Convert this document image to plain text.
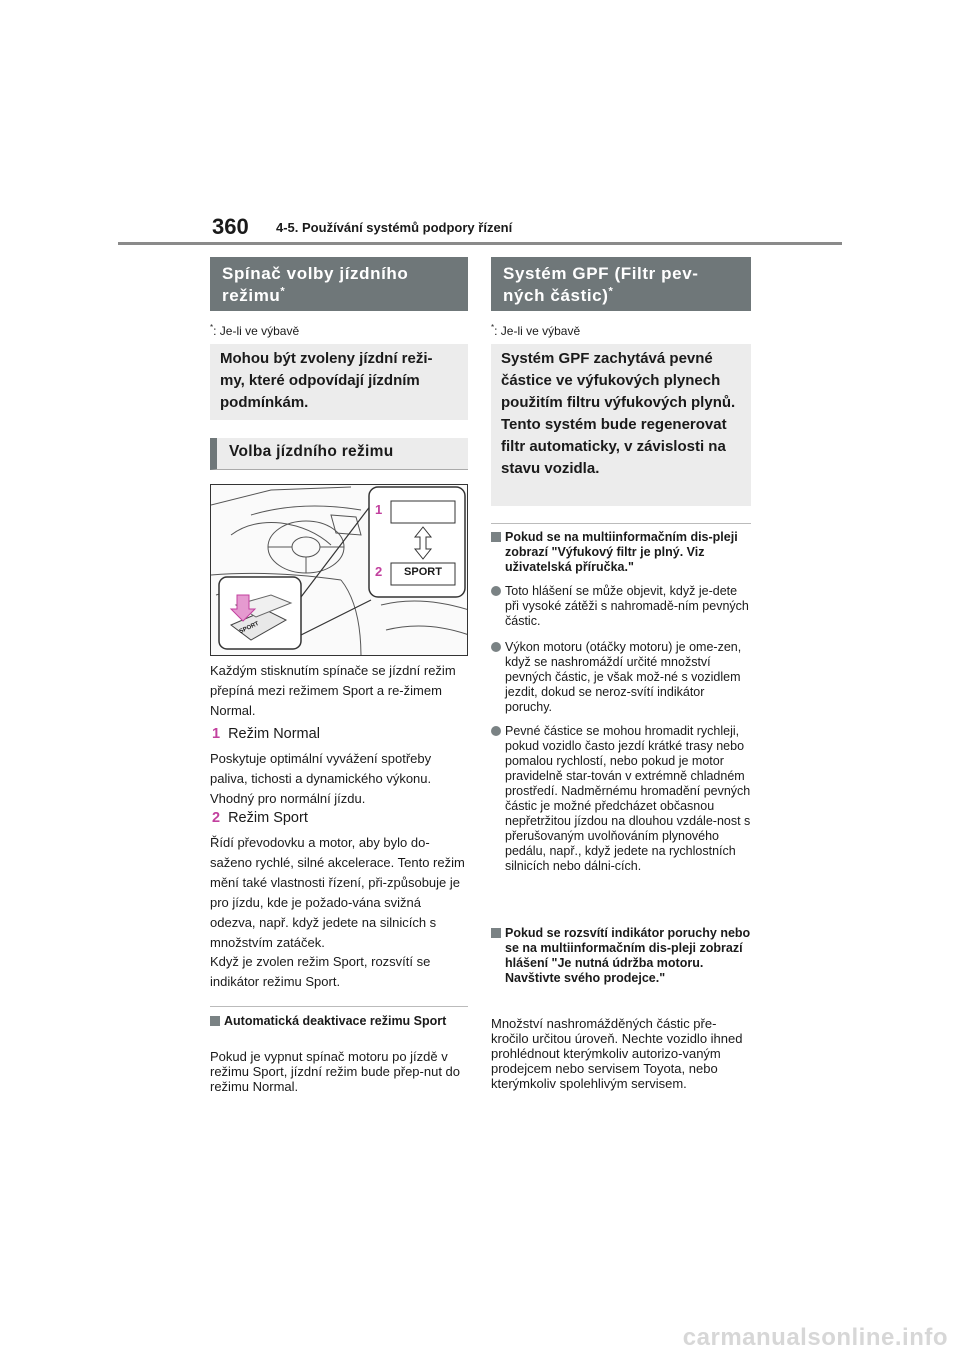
360 4-5. Používání systémů podpory řízení
Spínač volby jízdního
režimu*
*: Je-li ve výbavě
Mohou být zvoleny jízdní reži-my, které odpovídají jízdním podmínkám.
Volba jízdního režimu
1
2	SPORT
SPORT
Každým stisknutím spínače se jízdní režim přepíná mezi režimem Sport a re-žimem Normal.
1 Režim Normal
Poskytuje optimální vyvážení spotřeby paliva, tichosti a dynamického výkonu. Vhodný pro normální jízdu.
2 Režim Sport
Řídí převodovku a motor, aby bylo do-saženo rychlé, silné akcelerace. Tento režim mění také vlastnosti řízení, při-způsobuje je pro jízdu, kde je požado-vána svižná odezva, např. když jedete na silnicích s množstvím zatáček.
Když je zvolen režim Sport, rozsvítí se indikátor režimu Sport.
Automatická deaktivace režimu Sport
Pokud je vypnut spínač motoru po jízdě v režimu Sport, jízdní režim bude přep-nut do režimu Normal.
Systém GPF (Filtr pev-
ných částic)*
*: Je-li ve výbavě
Systém GPF zachytává pevné částice ve výfukových plynech použitím filtru výfukových plynů. Tento systém bude regenerovat filtr automaticky, v závislosti na stavu vozidla.
Pokud se na multiinformačním dis-pleji zobrazí "Výfukový filtr je plný. Viz uživatelská příručka."
Toto hlášení se může objevit, když je-dete při vysoké zátěži s nahromadě-ním pevných částic.
Výkon motoru (otáčky motoru) je ome-zen, když se nashromáždí určité množství pevných částic, je však mož-né s vozidlem jezdit, dokud se neroz-svítí indikátor poruchy.
Pevné částice se mohou hromadit rychleji, pokud vozidlo často jezdí krátké trasy nebo pomalou rychlostí, nebo pokud je motor pravidelně star-tován v extrémně chladném prostředí. Nadměrnému hromadění pevných částic je možné předcházet občasnou nepřetržitou jízdou na dlouhou vzdále-nost s přerušovaným uvolňováním plynového pedálu, např., když jedete na rychlostních silnicích nebo dálni-cích.
Pokud se rozsvítí indikátor poruchy nebo se na multiinformačním dis-pleji zobrazí hlášení "Je nutná údržba motoru. Navštivte svého prodejce."
Množství nashromážděných částic pře-kročilo určitou úroveň. Nechte vozidlo ihned prohlédnout kterýmkoliv autorizo-vaným prodejcem nebo servisem Toyota, nebo kterýmkoliv spolehlivým servisem.
carmanualsonline.info
